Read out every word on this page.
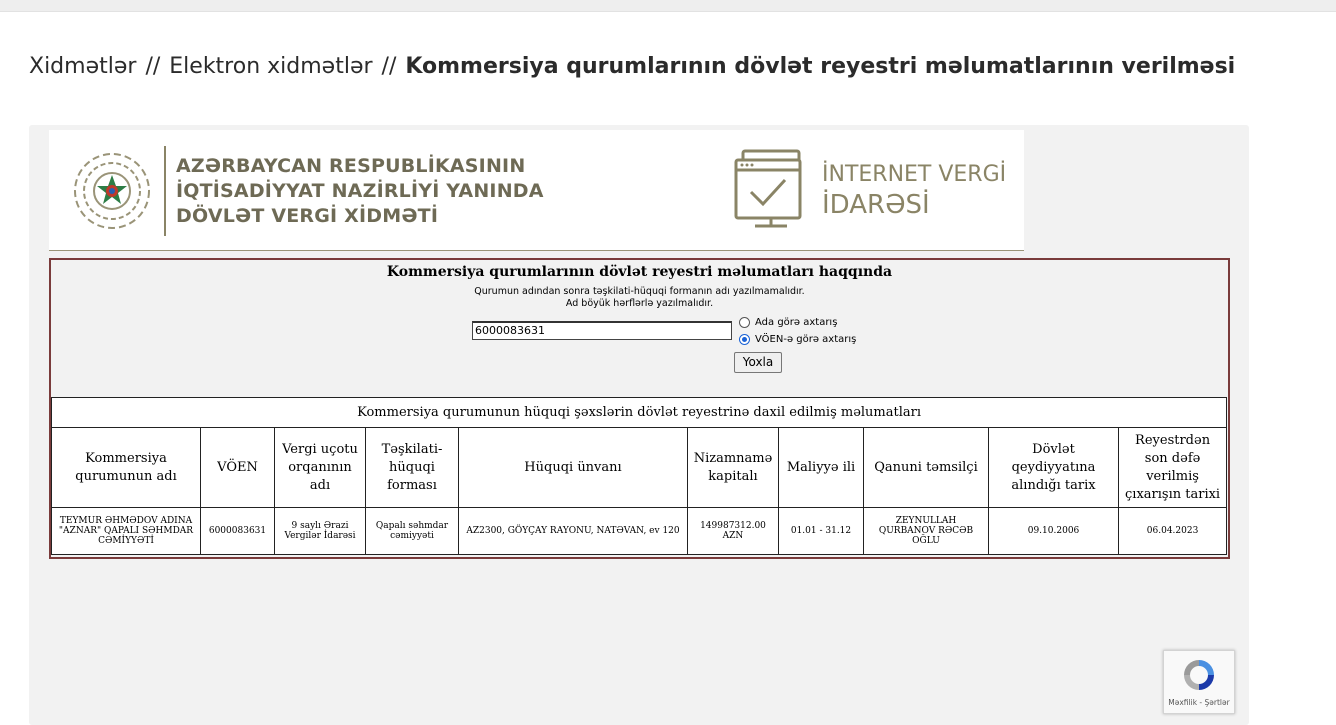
Xidmətlər // Elektron xidmətlər // Kommersiya qurumlarının dövlət reyestri məlumatlarının verilməsi
AZƏRBAYCAN RESPUBLİKASININ
İQTİSADİYYAT NAZİRLİYİ YANINDA
DÖVLƏT VERGİ XİDMƏTİ
İNTERNET VERGİ
İDARƏSİ
Kommersiya qurumlarının dövlət reyestri məlumatları haqqında
Qurumun adından sonra təşkilati-hüquqi formanın adı yazılmamalıdır.
Ad böyük hərflərlə yazılmalıdır.
6000083631
Ada görə axtarış
VÖEN-ə görə axtarış
Yoxla
Kommersiya qurumunun hüquqi şəxslərin dövlət reyestrinə daxil edilmiş məlumatları									
Kommersiya qurumunun adı	VÖEN	Vergi uçotu orqanının adı	Təşkilati-hüquqi forması	Hüquqi ünvanı	Nizamnamə kapitalı	Maliyyə ili	Qanuni təmsilçi	Dövlət qeydiyyatına alındığı tarix	Reyestrdən son dəfə verilmiş çıxarışın tarixi
TEYMUR ƏHMƏDOV ADINA "AZNAR" QAPALI SƏHMDAR CƏMİYYƏTİ	6000083631	9 saylı Ərazi Vergilər İdarəsi	Qapalı səhmdar cəmiyyəti	AZ2300, GÖYÇAY RAYONU, NATƏVAN, ev 120	149987312.00 AZN	01.01 - 31.12	ZEYNULLAH QURBANOV RƏCƏB OĞLU	09.10.2006	06.04.2023
Məxfilik - Şərtlər
